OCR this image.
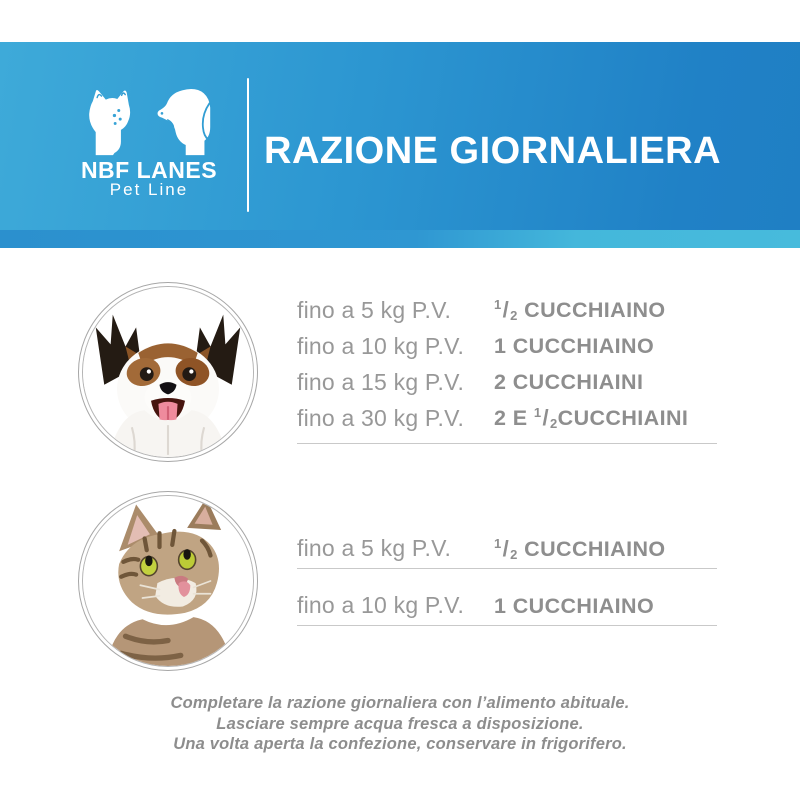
NBF LANES
Pet Line
RAZIONE GIORNALIERA
fino a 5 kg P.V.	$^1$/2 CUCCHIAINO
fino a 10 kg P.V.	1 CUCCHIAINO
fino a 15 kg P.V.	2 CUCCHIAINI
fino a 30 kg P.V.	2 E $^1$/2CUCCHIAINI
fino a 5 kg P.V.	$^1$/2 CUCCHIAINO
fino a 10 kg P.V.	1 CUCCHIAINO
Completare la razione giornaliera con l’alimento abituale.
Lasciare sempre acqua fresca a disposizione.
Una volta aperta la confezione, conservare in frigorifero.
